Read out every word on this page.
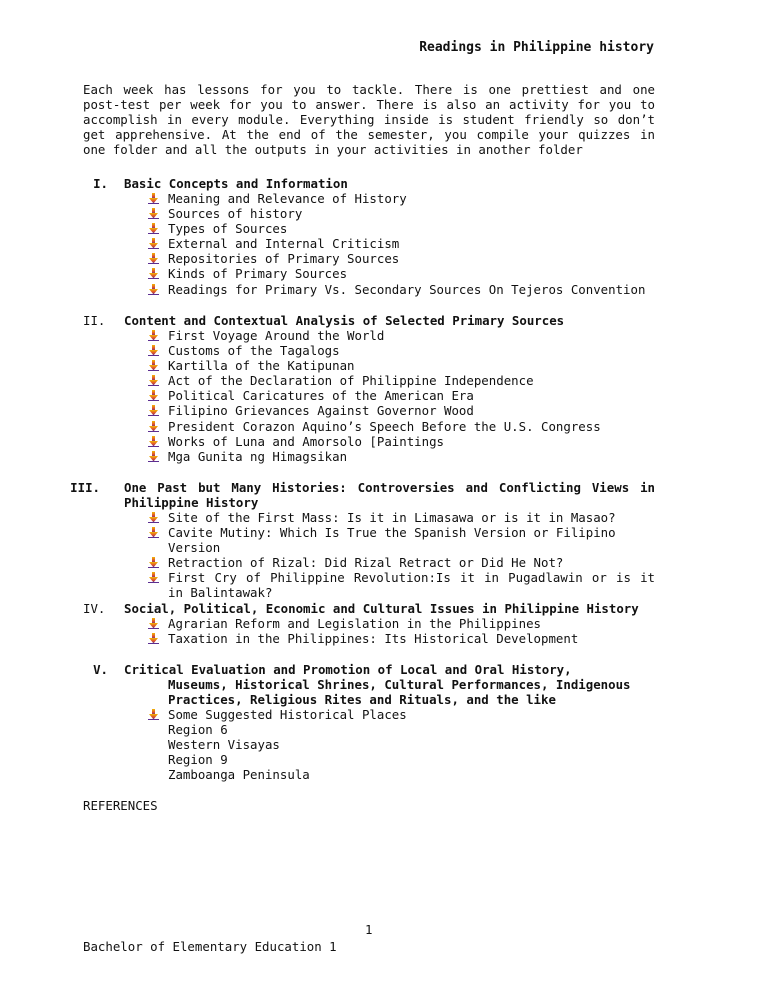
Readings in Philippine history

Each week has lessons for you to tackle. There is one prettiest and one post-test per week for you to answer. There is also an activity for you to accomplish in every module. Everything inside is student friendly so don’t get apprehensive. At the end of the semester, you compile your quizzes in one folder and all the outputs in your activities in another folder

I. Basic Concepts and Information
Meaning and Relevance of History
Sources of history
Types of Sources
External and Internal Criticism
Repositories of Primary Sources
Kinds of Primary Sources
Readings for Primary Vs. Secondary Sources On Tejeros Convention
II.	Content and Contextual Analysis of Selected Primary Sources
First Voyage Around the World
Customs of the Tagalogs
Kartilla of the Katipunan
Act of the Declaration of Philippine Independence
Political Caricatures of the American Era
Filipino Grievances Against Governor Wood
President Corazon Aquino’s Speech Before the U.S. Congress
Works of Luna and Amorsolo [Paintings
Mga Gunita ng Himagsikan
III. One Past but Many Histories: Controversies and Conflicting Views in Philippine History
Site of the First Mass: Is it in Limasawa or is it in Masao?
Cavite Mutiny: Which Is True the Spanish Version or Filipino Version
Retraction of Rizal: Did Rizal Retract or Did He Not?
First Cry of Philippine Revolution:Is it in Pugadlawin or is it in Balintawak?
IV.	Social, Political, Economic and Cultural Issues in Philippine History
Agrarian Reform and Legislation in the Philippines
Taxation in the Philippines: Its Historical Development
V. Critical Evaluation and Promotion of Local and Oral History,
Museums, Historical Shrines, Cultural Performances, Indigenous
Practices, Religious Rites and Rituals, and the like
Some Suggested Historical Places
Region 6
Western Visayas
Region 9
Zamboanga Peninsula
REFERENCES
1
Bachelor of Elementary Education 1
